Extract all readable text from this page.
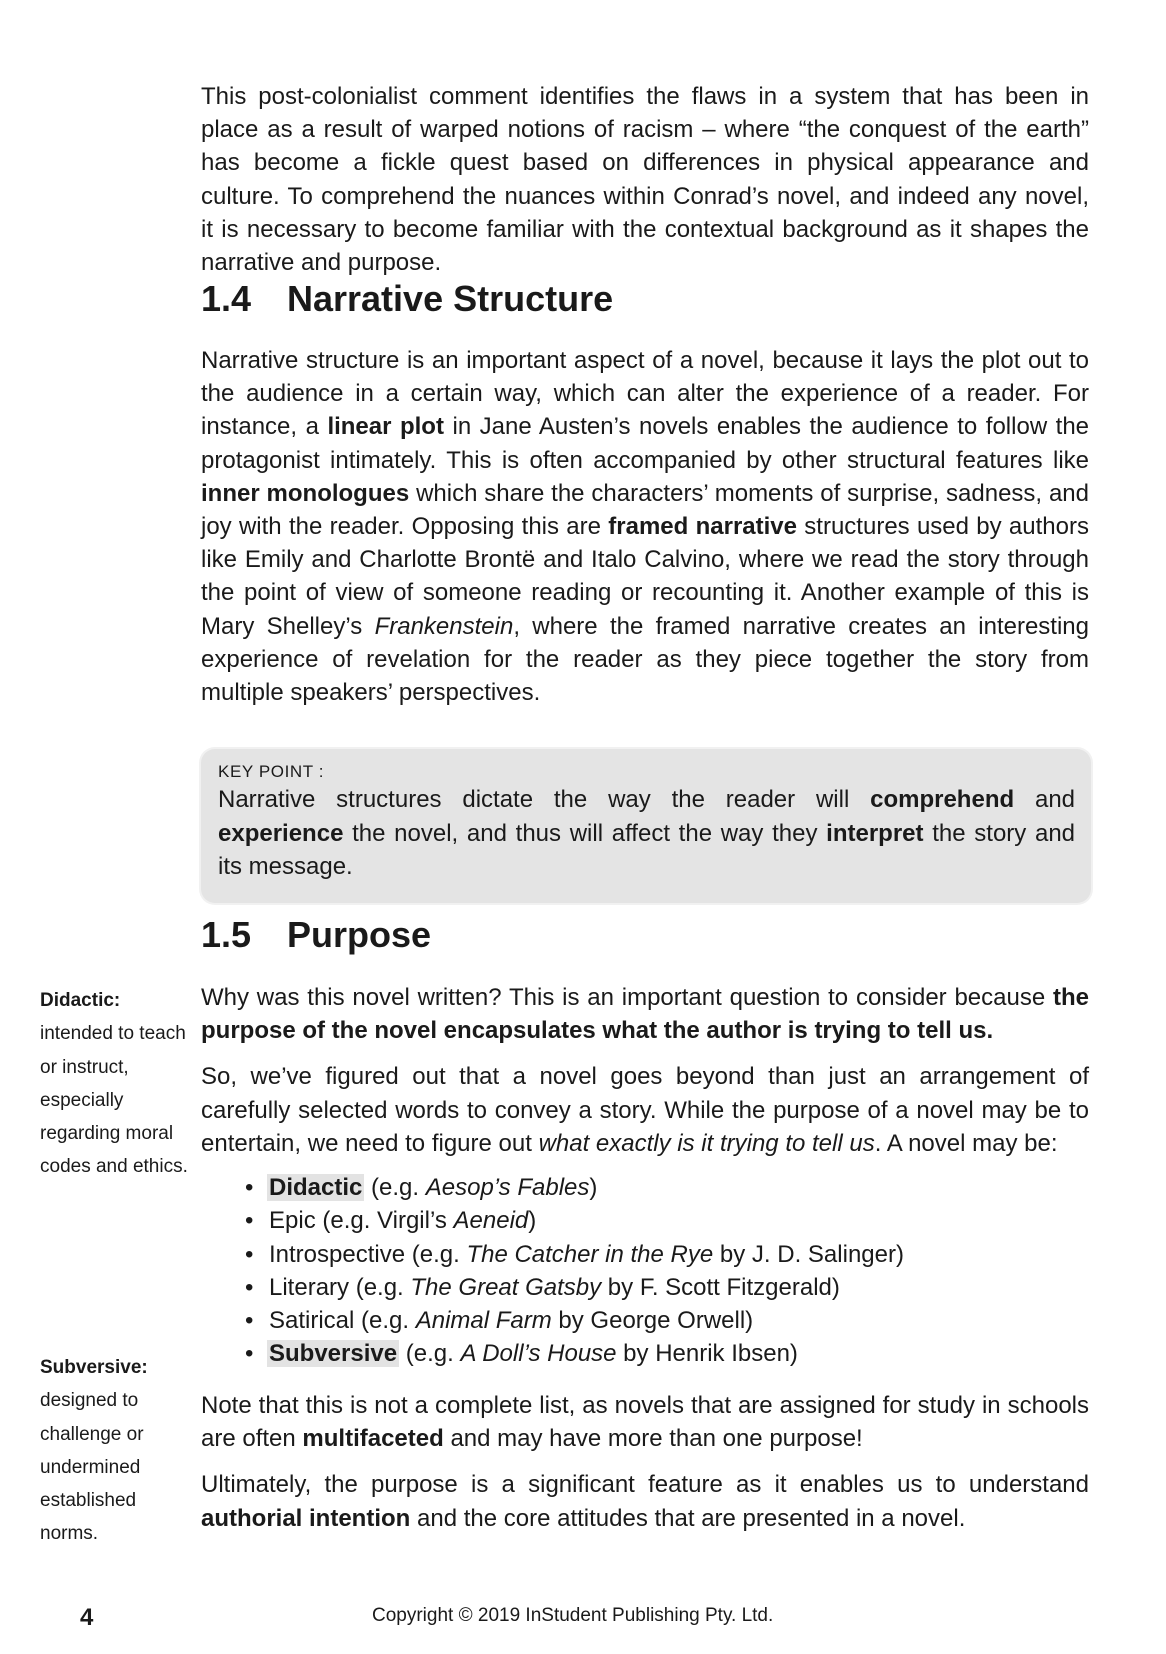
This post-colonialist comment identifies the flaws in a system that has been in place as a result of warped notions of racism – where “the conquest of the earth” has become a fickle quest based on differences in physical appearance and culture. To comprehend the nuances within Conrad’s novel, and indeed any novel, it is necessary to become familiar with the contextual background as it shapes the narrative and purpose.

1.4 Narrative Structure

Narrative structure is an important aspect of a novel, because it lays the plot out to the audience in a certain way, which can alter the experience of a reader. For instance, a linear plot in Jane Austen’s novels enables the audience to follow the protagonist intimately. This is often accompanied by other structural features like inner monologues which share the characters’ moments of surprise, sadness, and joy with the reader. Opposing this are framed narrative structures used by authors like Emily and Charlotte Brontë and Italo Calvino, where we read the story through the point of view of someone reading or recounting it. Another example of this is Mary Shelley’s Frankenstein, where the framed narrative creates an interesting experience of revelation for the reader as they piece together the story from multiple speakers’ perspectives.

KEY POINT :

Narrative structures dictate the way the reader will comprehend and experience the novel, and thus will affect the way they interpret the story and its message.

1.5 Purpose

Why was this novel written? This is an important question to consider because the purpose of the novel encapsulates what the author is trying to tell us.

So, we’ve figured out that a novel goes beyond than just an arrangement of carefully selected words to convey a story. While the purpose of a novel may be to entertain, we need to figure out what exactly is it trying to tell us. A novel may be:

• Didactic (e.g. Aesop’s Fables)
• Epic (e.g. Virgil’s Aeneid)
• Introspective (e.g. The Catcher in the Rye by J. D. Salinger)
• Literary (e.g. The Great Gatsby by F. Scott Fitzgerald)
• Satirical (e.g. Animal Farm by George Orwell)
• Subversive (e.g. A Doll’s House by Henrik Ibsen)

Note that this is not a complete list, as novels that are assigned for study in schools are often multifaceted and may have more than one purpose!

Ultimately, the purpose is a significant feature as it enables us to understand authorial intention and the core attitudes that are presented in a novel.

Didactic:
intended to teach or instruct, especially regarding moral codes and ethics.
Subversive:
designed to challenge or undermined established norms.
4	Copyright © 2019 InStudent Publishing Pty. Ltd.
